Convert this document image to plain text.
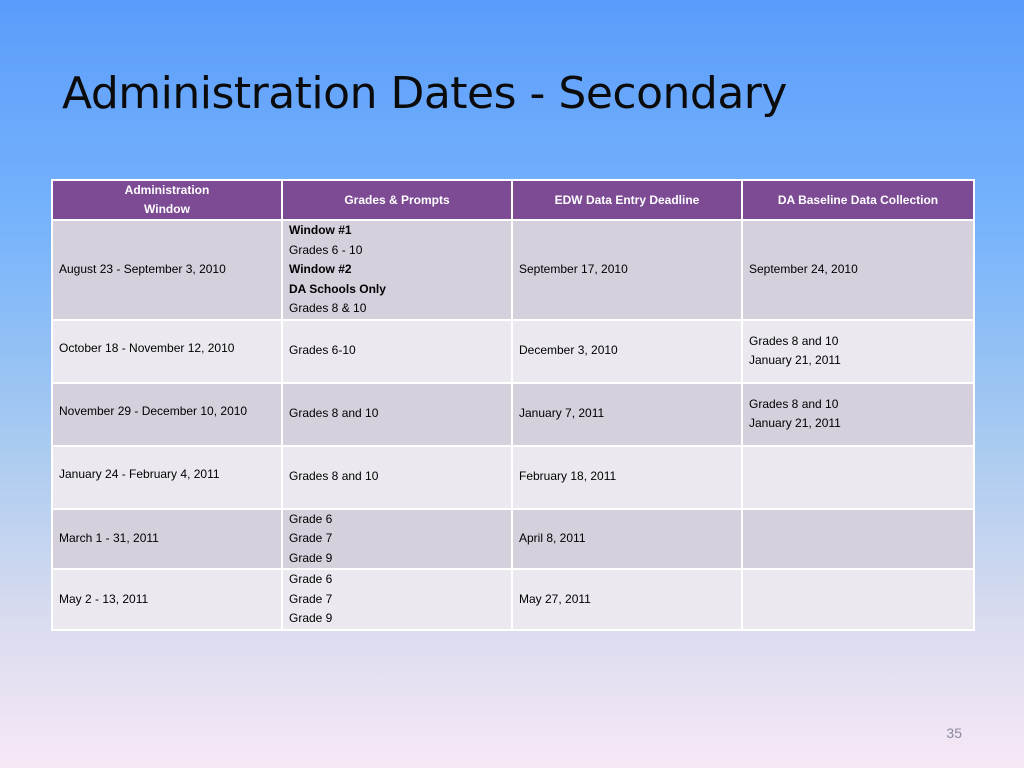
Administration Dates - Secondary
Administration
Window	Grades & Prompts	EDW Data Entry Deadline	DA Baseline Data Collection
August 23 - September 3, 2010	Window #1
Grades 6 - 10
Window #2
DA Schools Only
Grades 8 & 10	September 17, 2010	September 24, 2010

October 18 - November 12, 2010	Grades 6-10	December 3, 2010	Grades 8 and 10
January 21, 2011

November 29 - December 10, 2010	Grades 8 and 10	January 7, 2011	Grades 8 and 10
January 21, 2011

January 24 - February 4, 2011	Grades 8 and 10	February 18, 2011	
March 1 - 31, 2011	Grade 6
Grade 7
Grade 9	April 8, 2011	
May 2 - 13, 2011	Grade 6
Grade 7
Grade 9	May 27, 2011	
35
